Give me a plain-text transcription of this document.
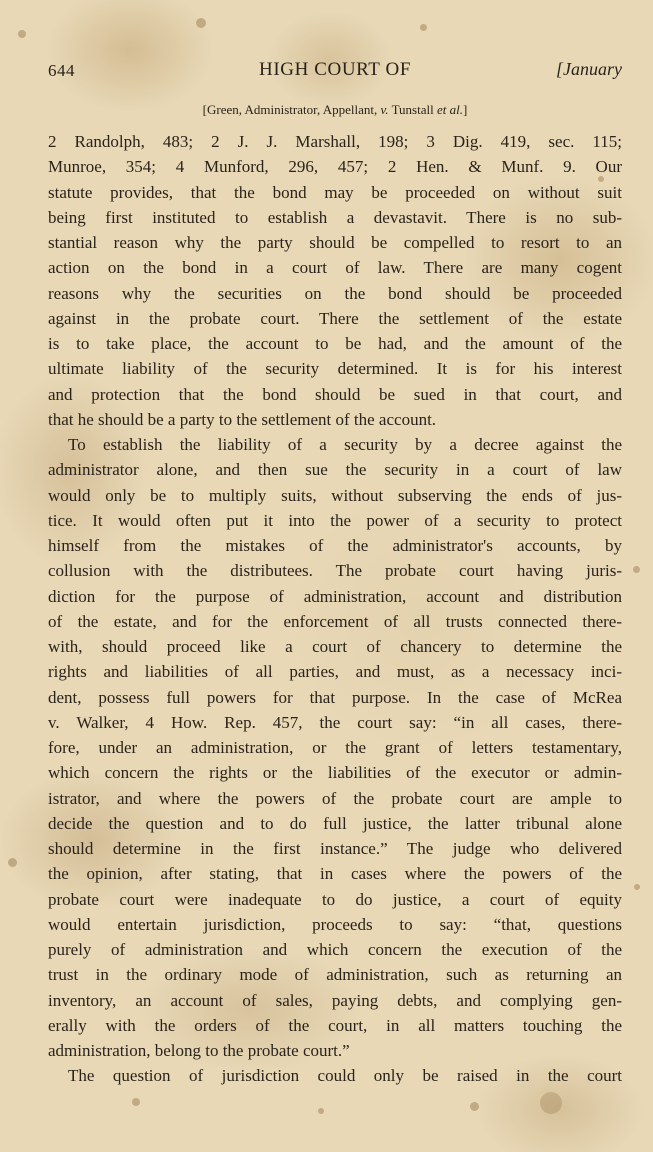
644	HIGH COURT OF	[January
[Green, Administrator, Appellant, v. Tunstall et al.]
2 Randolph, 483; 2 J. J. Marshall, 198; 3 Dig. 419, sec. 115;
Munroe, 354; 4 Munford, 296, 457; 2 Hen. & Munf. 9. Our
statute provides, that the bond may be proceeded on without suit
being first instituted to establish a devastavit. There is no sub-
stantial reason why the party should be compelled to resort to an
action on the bond in a court of law. There are many cogent
reasons why the securities on the bond should be proceeded
against in the probate court. There the settlement of the estate
is to take place, the account to be had, and the amount of the
ultimate liability of the security determined. It is for his interest
and protection that the bond should be sued in that court, and
that he should be a party to the settlement of the account.
To establish the liability of a security by a decree against the
administrator alone, and then sue the security in a court of law
would only be to multiply suits, without subserving the ends of jus-
tice. It would often put it into the power of a security to protect
himself from the mistakes of the administrator's accounts, by
collusion with the distributees. The probate court having juris-
diction for the purpose of administration, account and distribution
of the estate, and for the enforcement of all trusts connected there-
with, should proceed like a court of chancery to determine the
rights and liabilities of all parties, and must, as a necessacy inci-
dent, possess full powers for that purpose. In the case of McRea
v. Walker, 4 How. Rep. 457, the court say: “in all cases, there-
fore, under an administration, or the grant of letters testamentary,
which concern the rights or the liabilities of the executor or admin-
istrator, and where the powers of the probate court are ample to
decide the question and to do full justice, the latter tribunal alone
should determine in the first instance.” The judge who delivered
the opinion, after stating, that in cases where the powers of the
probate court were inadequate to do justice, a court of equity
would entertain jurisdiction, proceeds to say: “that, questions
purely of administration and which concern the execution of the
trust in the ordinary mode of administration, such as returning an
inventory, an account of sales, paying debts, and complying gen-
erally with the orders of the court, in all matters touching the
administration, belong to the probate court.”
The question of jurisdiction could only be raised in the court
